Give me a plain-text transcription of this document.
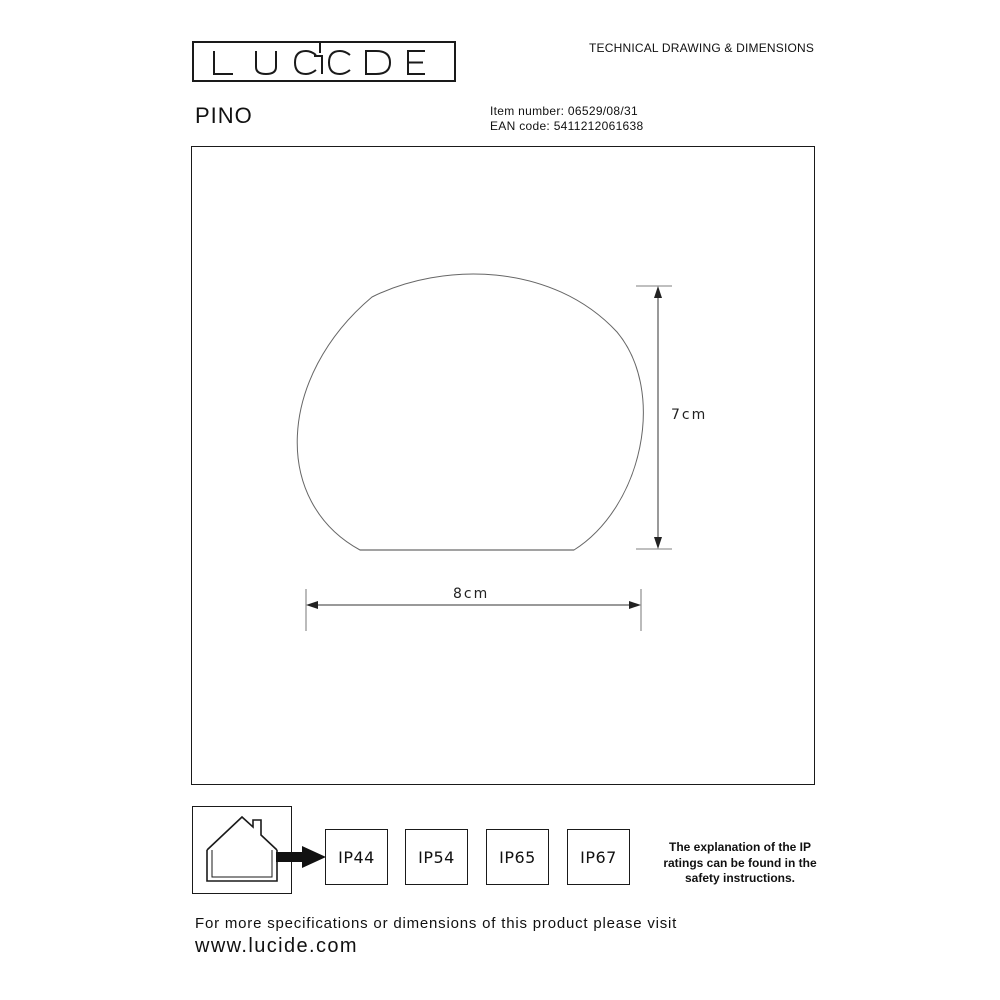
TECHNICAL DRAWING & DIMENSIONS
PINO	Item number: 06529/08/31
EAN code: 5411212061638
7cm
8cm
IP44	IP54	IP65	IP67
The explanation of the IP ratings can be found in the safety instructions.
For more specifications or dimensions of this product please visit
www.lucide.com
